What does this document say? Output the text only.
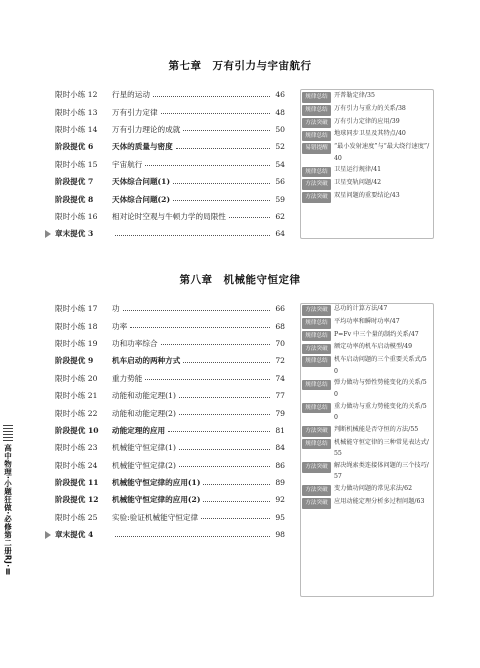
第七章　万有引力与宇宙航行
限时小练 12	行星的运动	46
限时小练 13	万有引力定律	48
限时小练 14	万有引力理论的成就	50
阶段提优 6	天体的质量与密度	52
限时小练 15	宇宙航行	54
阶段提优 7	天体综合问题(1)	56
阶段提优 8	天体综合问题(2)	59
限时小练 16	相对论时空观与牛顿力学的局限性	62
章末提优 3	64
规律总结	开普勒定律/35
规律总结	万有引力与重力的关系/38
方法突破	万有引力定律的应用/39
规律总结	地球同步卫星及其特点/40
易错提醒	“最小发射速度”与“最大绕行速度”/40
规律总结	卫星运行规律/41
方法突破	卫星变轨问题/42
方法突破	双星问题的重要结论/43
第八章　机械能守恒定律
限时小练 17	功	66
限时小练 18	功率	68
限时小练 19	功和功率综合	70
阶段提优 9	机车启动的两种方式	72
限时小练 20	重力势能	74
限时小练 21	动能和动能定理(1)	77
限时小练 22	动能和动能定理(2)	79
阶段提优 10	动能定理的应用	81
限时小练 23	机械能守恒定律(1)	84
限时小练 24	机械能守恒定律(2)	86
阶段提优 11	机械能守恒定律的应用(1)	89
阶段提优 12	机械能守恒定律的应用(2)	92
限时小练 25	实验:验证机械能守恒定律	95
章末提优 4	98
方法突破	总功的计算方法/47
规律总结	平均功率和瞬时功率/47
规律总结	P=Fv 中三个量的制约关系/47
方法突破	额定功率的机车启动模型/49
规律总结	机车启动问题的三个重要关系式/50
规律总结	弹力做功与弹性势能变化的关系/50
规律总结	重力做功与重力势能变化的关系/50
方法突破	判断机械能是否守恒的方法/55
规律总结	机械能守恒定律的三种常见表达式/55
方法突破	解决绳索类连接体问题的三个技巧/57
方法突破	变力做功问题的常见求法/62
方法突破	应用动能定理分析多过程问题/63
高中物理·小题狂做·必修第二册RJ·Ⅱ
